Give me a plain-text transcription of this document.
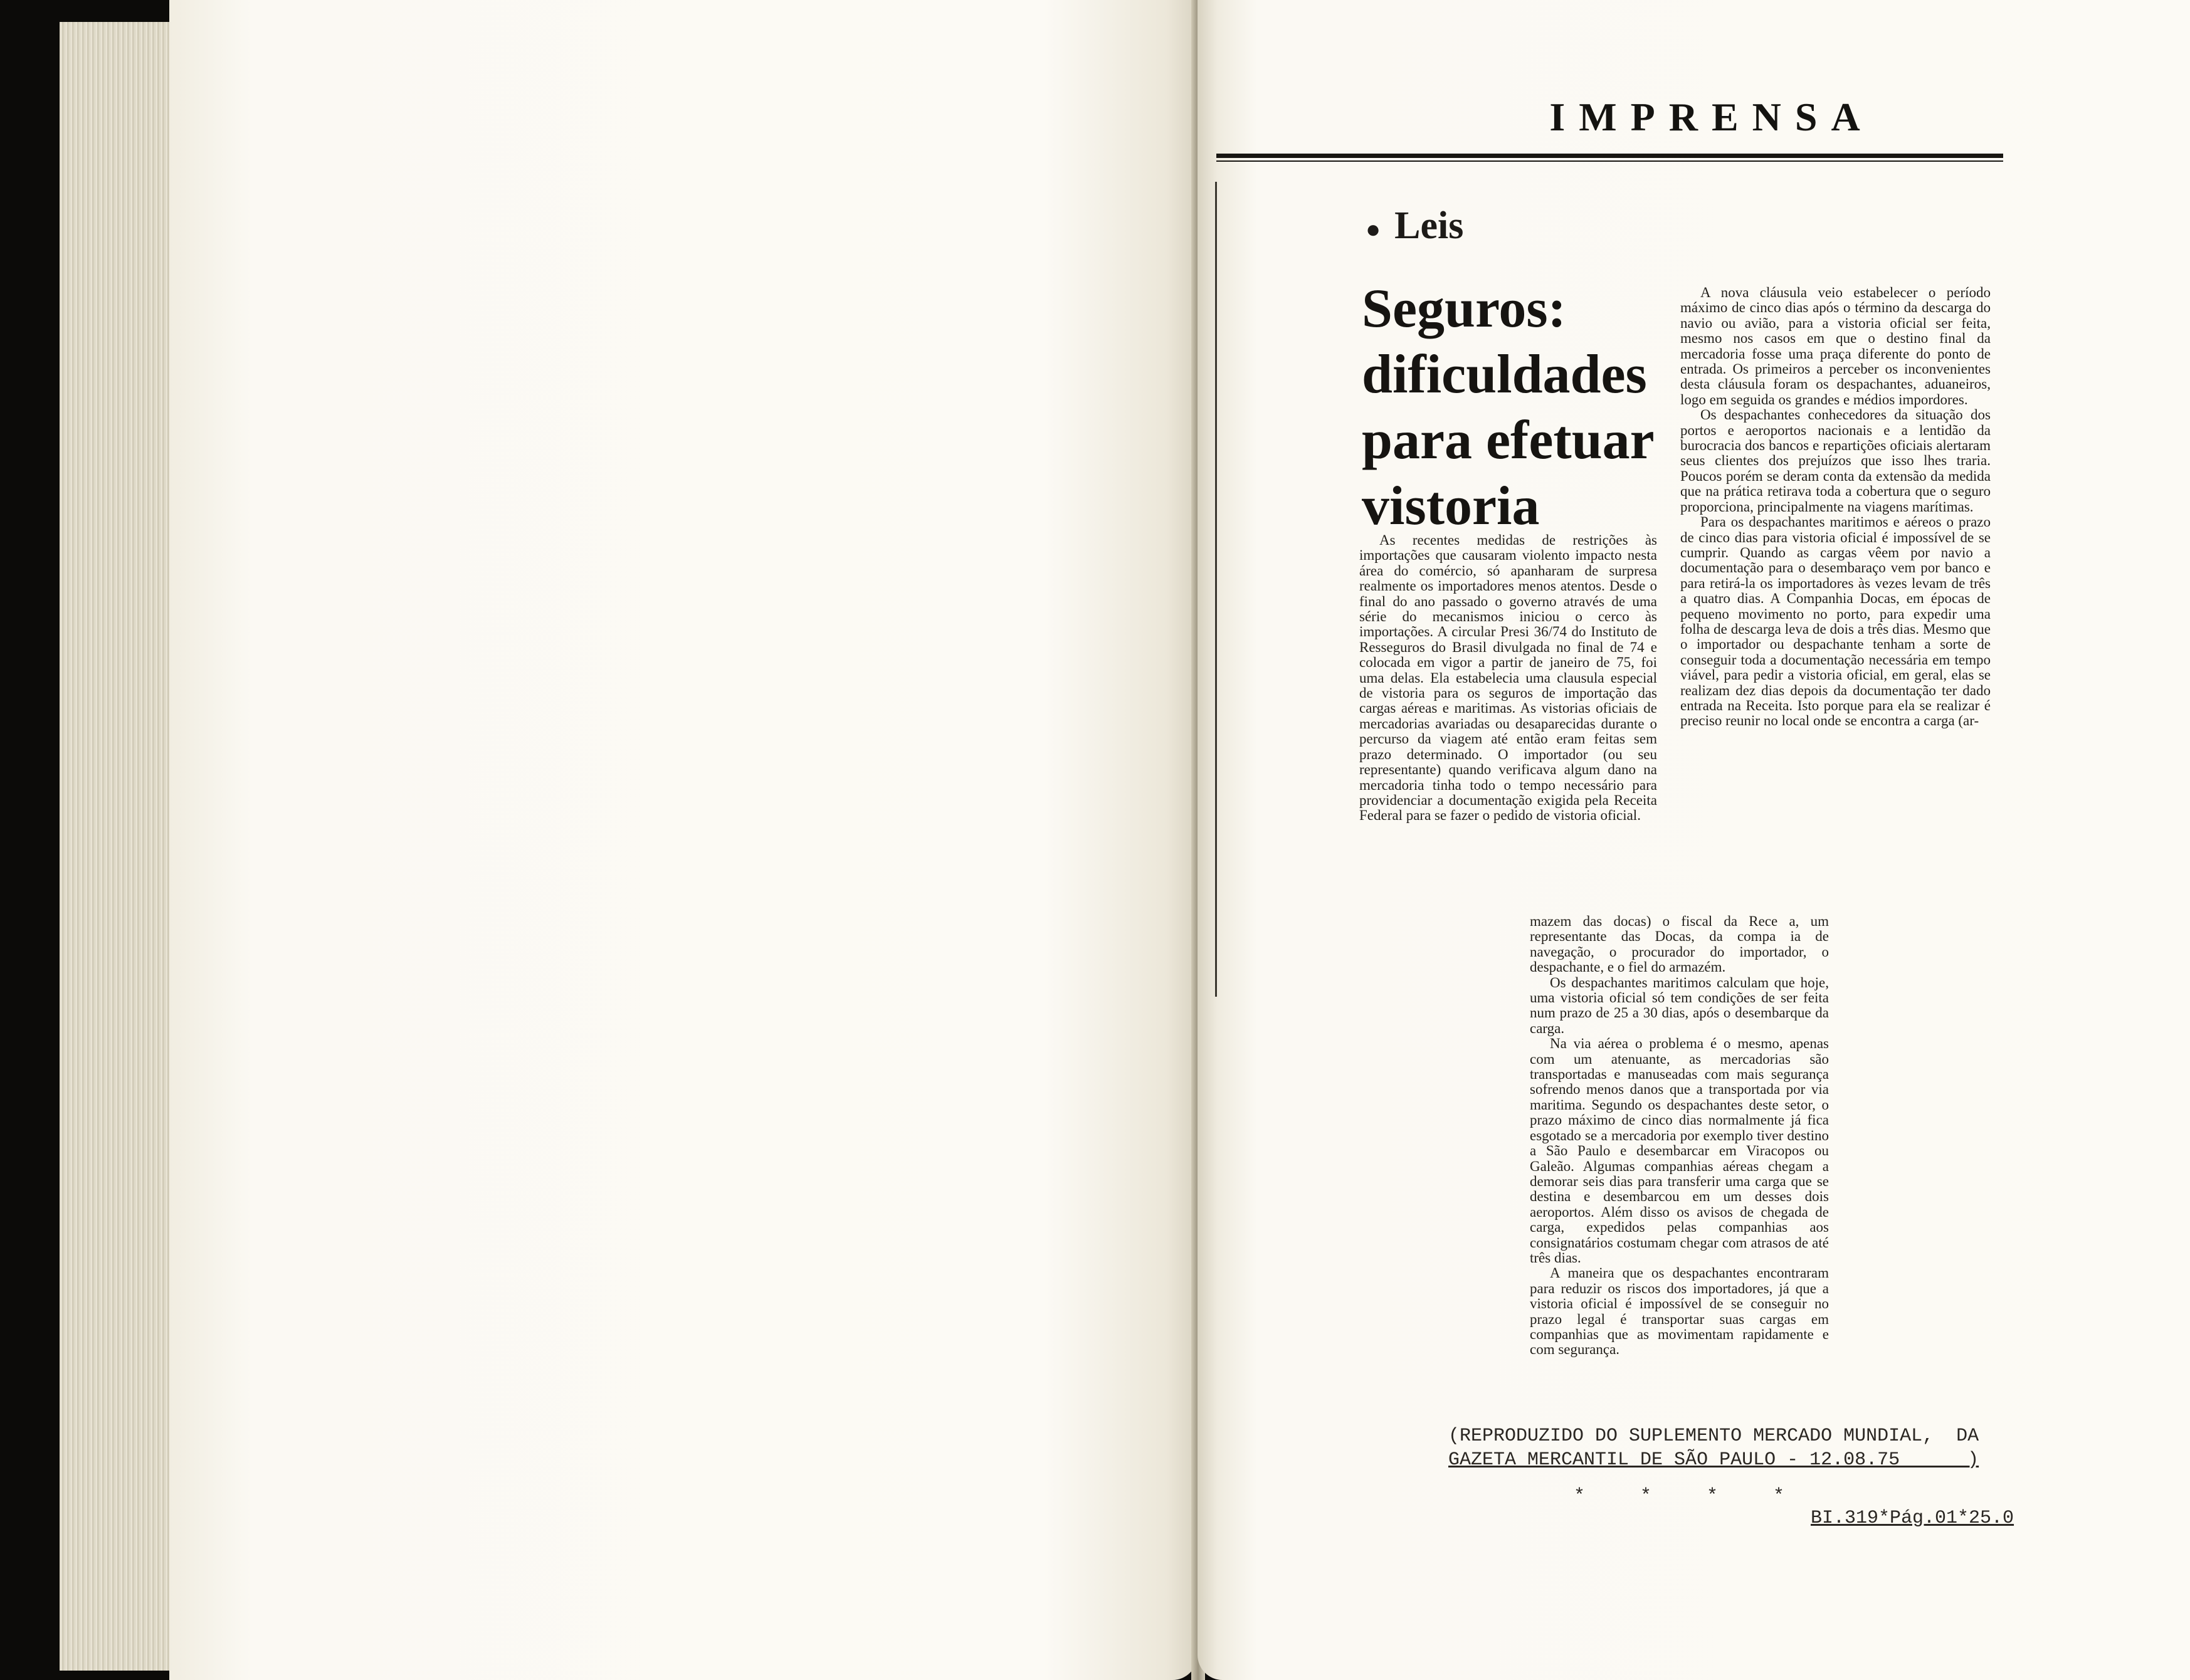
IMPRENSA
● Leis
Seguros: dificuldades para efetuar vistoria

As recentes medidas de restrições às importações que causaram violento impacto nesta área do comércio, só apanharam de surpresa realmente os importadores menos atentos. Desde o final do ano passado o governo através de uma série do mecanismos iniciou o cerco às importações. A circular Presi 36/74 do Instituto de Resseguros do Brasil divulgada no final de 74 e colocada em vigor a partir de janeiro de 75, foi uma delas. Ela estabelecia uma clausula especial de vistoria para os seguros de importação das cargas aéreas e maritimas. As vistorias oficiais de mercadorias avariadas ou desaparecidas durante o percurso da viagem até então eram feitas sem prazo determinado. O importador (ou seu representante) quando verificava algum dano na mercadoria tinha todo o tempo necessário para providenciar a documentação exigida pela Receita Federal para se fazer o pedido de vistoria oficial.

A nova cláusula veio estabelecer o período máximo de cinco dias após o término da descarga do navio ou avião, para a vistoria oficial ser feita, mesmo nos casos em que o destino final da mercadoria fosse uma praça diferente do ponto de entrada. Os primeiros a perceber os inconvenientes desta cláusula foram os despachantes, aduaneiros, logo em seguida os grandes e médios impordores.

Os despachantes conhecedores da situação dos portos e aeroportos nacionais e a lentidão da burocracia dos bancos e repartições oficiais alertaram seus clientes dos prejuízos que isso lhes traria. Poucos porém se deram conta da extensão da medida que na prática retirava toda a cobertura que o seguro proporciona, principalmente na viagens marítimas.

Para os despachantes maritimos e aéreos o prazo de cinco dias para vistoria oficial é impossível de se cumprir. Quando as cargas vêem por navio a documentação para o desembaraço vem por banco e para retirá-la os importadores às vezes levam de três a quatro dias. A Companhia Docas, em épocas de pequeno movimento no porto, para expedir uma folha de descarga leva de dois a três dias. Mesmo que o importador ou despachante tenham a sorte de conseguir toda a documentação necessária em tempo viável, para pedir a vistoria oficial, em geral, elas se realizam dez dias depois da documentação ter dado entrada na Receita. Isto porque para ela se realizar é preciso reunir no local onde se encontra a carga (ar-

mazem das docas) o fiscal da Rece a, um representante das Docas, da compa ia de navegação, o procurador do importador, o despachante, e o fiel do armazém.

Os despachantes maritimos calculam que hoje, uma vistoria oficial só tem condições de ser feita num prazo de 25 a 30 dias, após o desembarque da carga.

Na via aérea o problema é o mesmo, apenas com um atenuante, as mercadorias são transportadas e manuseadas com mais segurança sofrendo menos danos que a transportada por via maritima. Segundo os despachantes deste setor, o prazo máximo de cinco dias normalmente já fica esgotado se a mercadoria por exemplo tiver destino a São Paulo e desembarcar em Viracopos ou Galeão. Algumas companhias aéreas chegam a demorar seis dias para transferir uma carga que se destina e desembarcou em um desses dois aeroportos. Além disso os avisos de chegada de carga, expedidos pelas companhias aos consignatários costumam chegar com atrasos de até três dias.

A maneira que os despachantes encontraram para reduzir os riscos dos importadores, já que a vistoria oficial é impossível de se conseguir no prazo legal é transportar suas cargas em companhias que as movimentam rapidamente e com segurança.

(REPRODUZIDO DO SUPLEMENTO MERCADO MUNDIAL,  DA
GAZETA MERCANTIL DE SÃO PAULO - 12.08.75      )
* * * *
BI.319*Pág.01*25.0
